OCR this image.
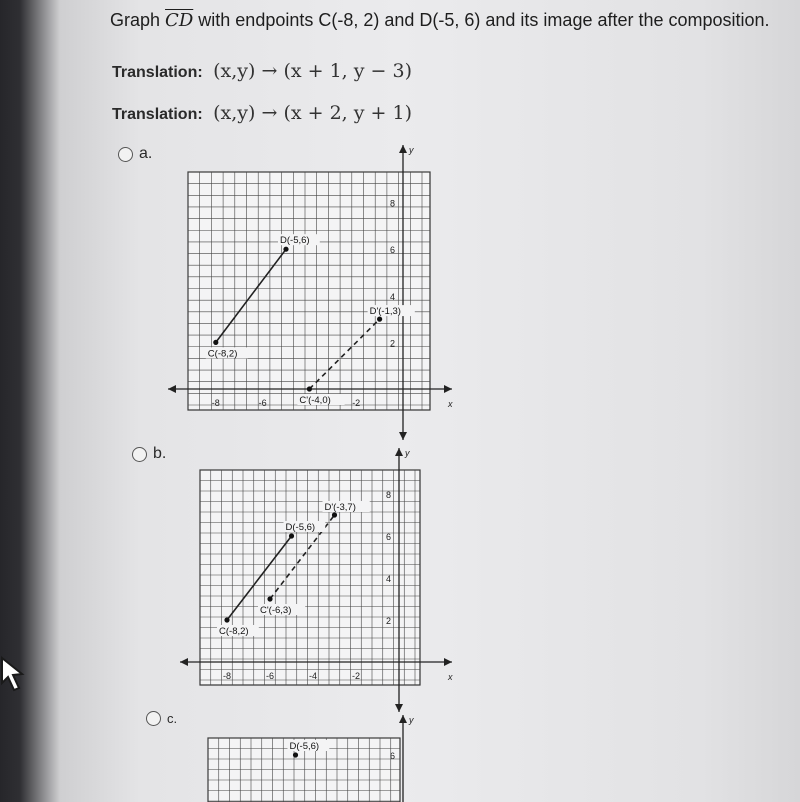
Graph $\overline{CD}$ with endpoints C(-8, 2) and D(-5, 6) and its image after the composition.
Translation: (x,y) → (x + 1, y − 3)
Translation: (x,y) → (x + 2, y + 1)
a.
b.
c.
y
x
-8	-6	-2
8
6
4
2
C(-8,2)
D(-5,6)
C'(-4,0)
D'(-1,3)
y
x
-8	-6	-4	-2
8
6
4
2
C(-8,2)
D(-5,6)
C'(-6,3)
D'(-3,7)
y
6
D(-5,6)
